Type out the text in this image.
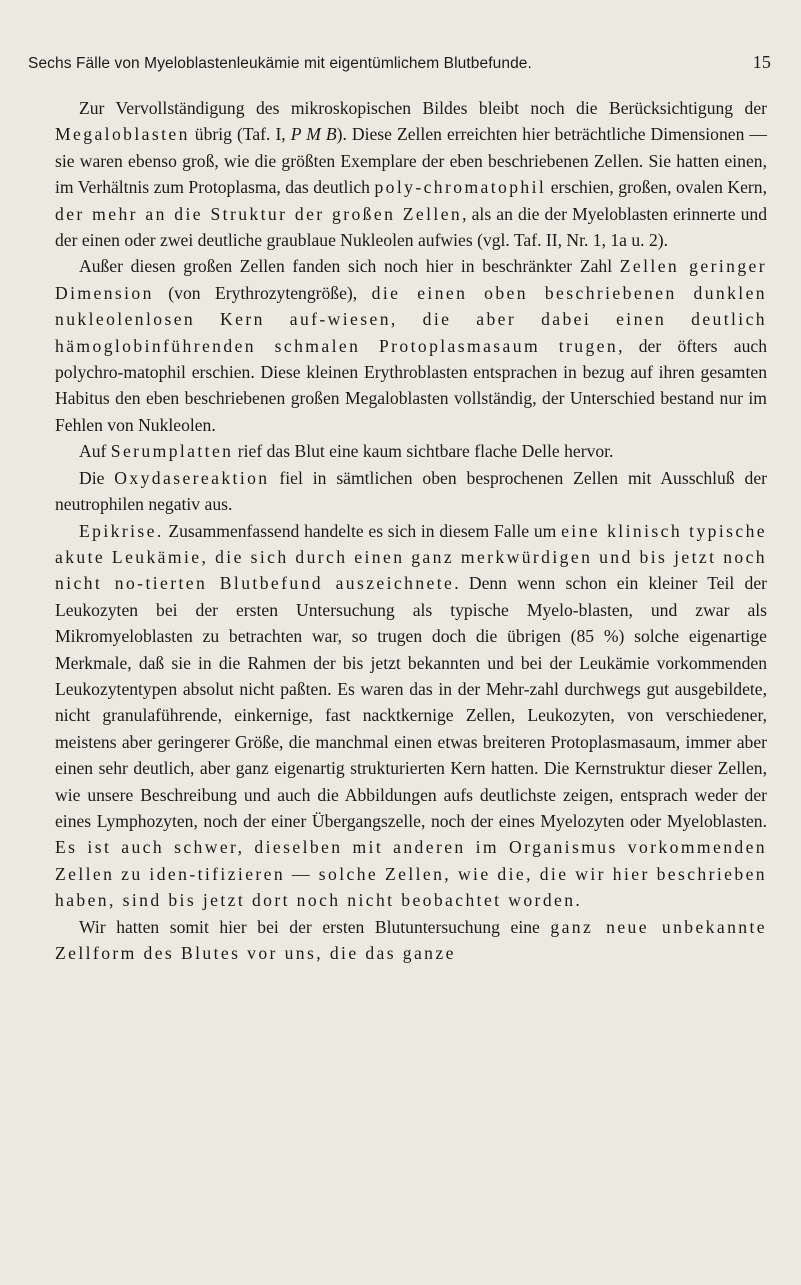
Sechs Fälle von Myeloblastenleukämie mit eigentümlichem Blutbefunde.	15

Zur Vervollständigung des mikroskopischen Bildes bleibt noch die Berücksichtigung der Megaloblasten übrig (Taf. I, P M B). Diese Zellen erreichten hier beträchtliche Dimensionen — sie waren ebenso groß, wie die größten Exemplare der eben beschriebenen Zellen. Sie hatten einen, im Verhältnis zum Protoplasma, das deutlich poly-chromatophil erschien, großen, ovalen Kern, der mehr an die Struktur der großen Zellen, als an die der Myeloblasten erinnerte und der einen oder zwei deutliche graublaue Nukleolen aufwies (vgl. Taf. II, Nr. 1, 1a u. 2).

Außer diesen großen Zellen fanden sich noch hier in beschränkter Zahl Zellen geringer Dimension (von Erythrozytengröße), die einen oben beschriebenen dunklen nukleolenlosen Kern auf-wiesen, die aber dabei einen deutlich hämoglobinführenden schmalen Protoplasmasaum trugen, der öfters auch polychro-matophil erschien. Diese kleinen Erythroblasten entsprachen in bezug auf ihren gesamten Habitus den eben beschriebenen großen Megaloblasten vollständig, der Unterschied bestand nur im Fehlen von Nukleolen.

Auf Serumplatten rief das Blut eine kaum sichtbare flache Delle hervor.

Die Oxydasereaktion fiel in sämtlichen oben besprochenen Zellen mit Ausschluß der neutrophilen negativ aus.

Epikrise. Zusammenfassend handelte es sich in diesem Falle um eine klinisch typische akute Leukämie, die sich durch einen ganz merkwürdigen und bis jetzt noch nicht no-tierten Blutbefund auszeichnete. Denn wenn schon ein kleiner Teil der Leukozyten bei der ersten Untersuchung als typische Myelo-blasten, und zwar als Mikromyeloblasten zu betrachten war, so trugen doch die übrigen (85 %) solche eigenartige Merkmale, daß sie in die Rahmen der bis jetzt bekannten und bei der Leukämie vorkommenden Leukozytentypen absolut nicht paßten. Es waren das in der Mehr-zahl durchwegs gut ausgebildete, nicht granulaführende, einkernige, fast nacktkernige Zellen, Leukozyten, von verschiedener, meistens aber geringerer Größe, die manchmal einen etwas breiteren Protoplasmasaum, immer aber einen sehr deutlich, aber ganz eigenartig strukturierten Kern hatten. Die Kernstruktur dieser Zellen, wie unsere Beschreibung und auch die Abbildungen aufs deutlichste zeigen, entsprach weder der eines Lymphozyten, noch der einer Übergangszelle, noch der eines Myelozyten oder Myeloblasten. Es ist auch schwer, dieselben mit anderen im Organismus vorkommenden Zellen zu iden-tifizieren — solche Zellen, wie die, die wir hier beschrieben haben, sind bis jetzt dort noch nicht beobachtet worden.

Wir hatten somit hier bei der ersten Blutuntersuchung eine ganz neue unbekannte Zellform des Blutes vor uns, die das ganze
